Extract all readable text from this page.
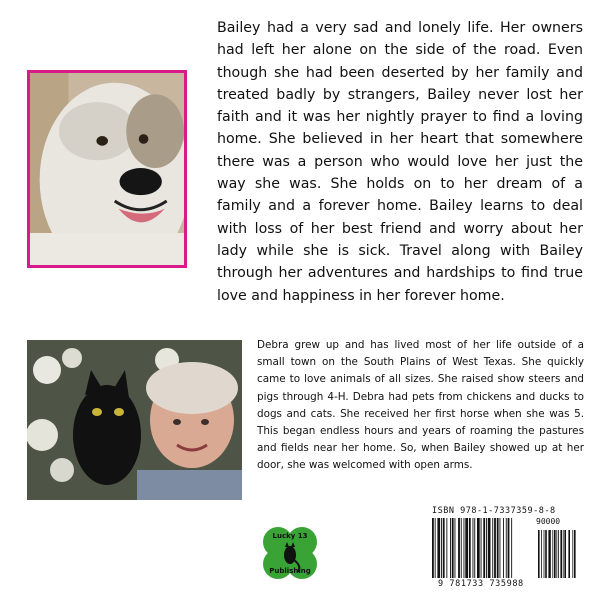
Bailey had a very sad and lonely life. Her owners had left her alone on the side of the road. Even though she had been deserted by her family and treated badly by strangers, Bailey never lost her faith and it was her nightly prayer to find a loving home. She believed in her heart that somewhere there was a person who would love her just the way she was. She holds on to her dream of a family and a forever home. Bailey learns to deal with loss of her best friend and worry about her lady while she is sick. Travel along with Bailey through her adventures and hardships to find true love and happiness in her forever home.

Debra grew up and has lived most of her life outside of a small town on the South Plains of West Texas. She quickly came to love animals of all sizes. She raised show steers and pigs through 4-H. Debra had pets from chickens and ducks to dogs and cats. She received her first horse when she was 5. This began endless hours and years of roaming the pastures and fields near her home. So, when Bailey showed up at her door, she was welcomed with open arms.

Lucky 13
Publishing
ISBN 978-1-7337359-8-8
90000
9 781733 735988
